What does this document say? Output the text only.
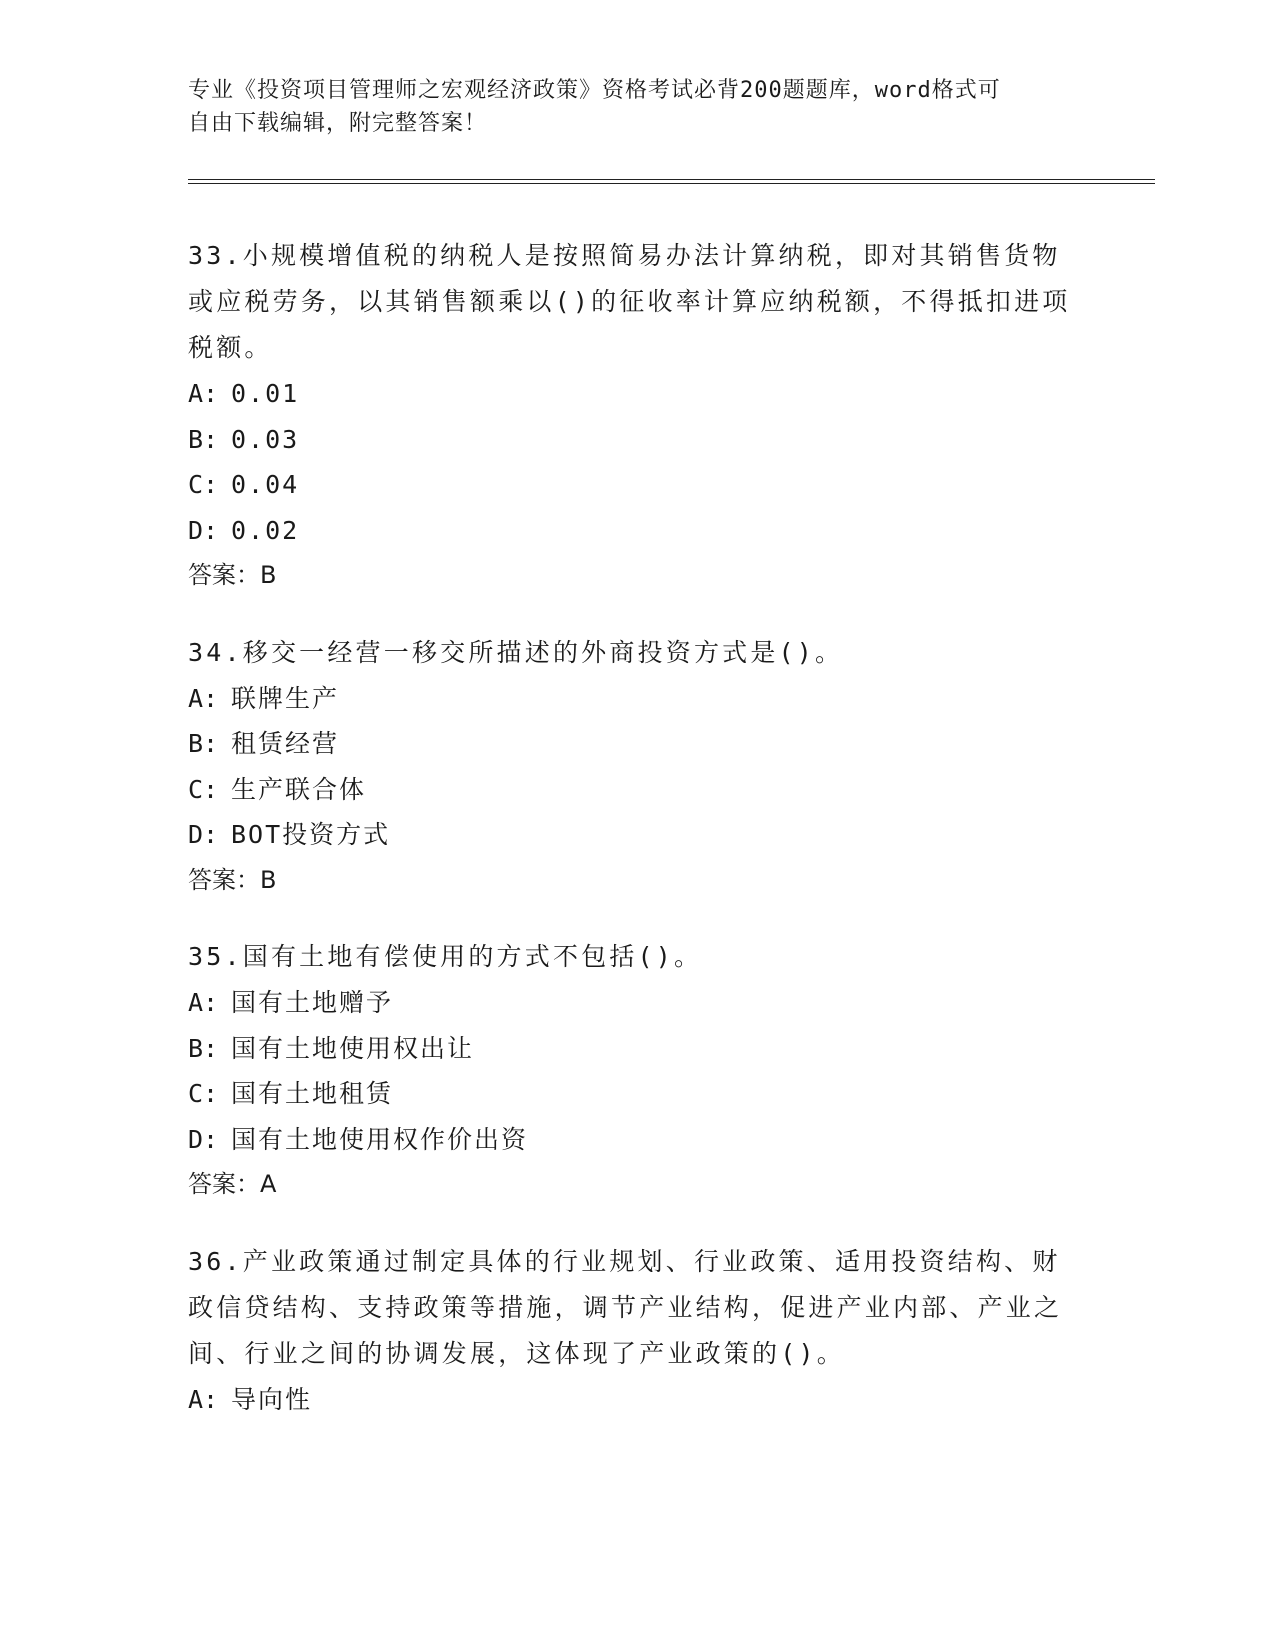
专业《投资项目管理师之宏观经济政策》资格考试必背200题题库，word格式可
自由下载编辑，附完整答案！
33.小规模增值税的纳税人是按照简易办法计算纳税，即对其销售货物或应税劳务，以其销售额乘以()的征收率计算应纳税额，不得抵扣进项税额。
A: 0.01
B: 0.03
C: 0.04
D: 0.02
答案：B
34.移交一经营一移交所描述的外商投资方式是()。
A: 联牌生产
B: 租赁经营
C: 生产联合体
D: BOT投资方式
答案：B
35.国有土地有偿使用的方式不包括()。
A: 国有土地赠予
B: 国有土地使用权出让
C: 国有土地租赁
D: 国有土地使用权作价出资
答案：A
36.产业政策通过制定具体的行业规划、行业政策、适用投资结构、财政信贷结构、支持政策等措施，调节产业结构，促进产业内部、产业之间、行业之间的协调发展，这体现了产业政策的()。
A: 导向性
